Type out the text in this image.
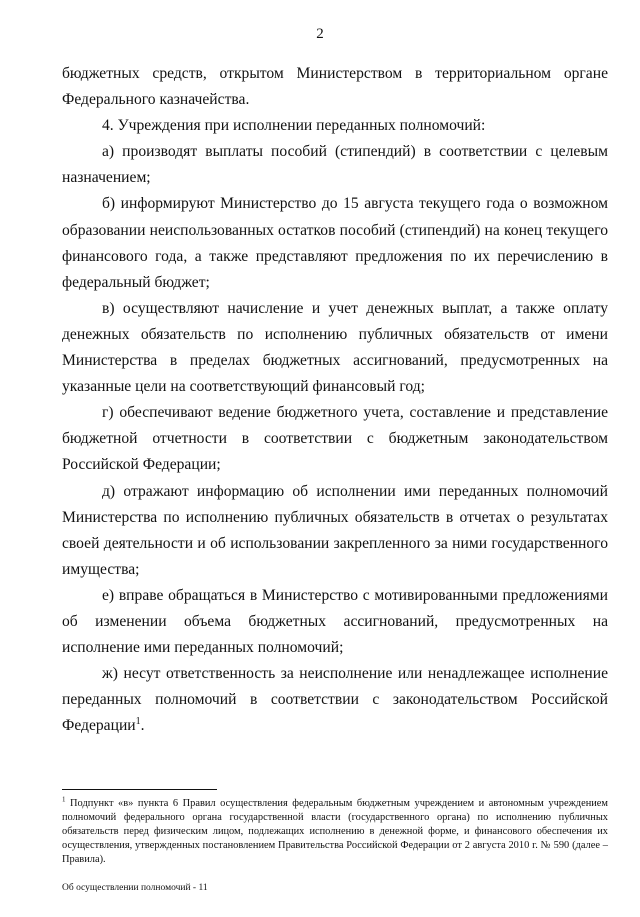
2

бюджетных средств, открытом Министерством в территориальном органе Федерального казначейства.

4. Учреждения при исполнении переданных полномочий:

а) производят выплаты пособий (стипендий) в соответствии с целевым назначением;

б) информируют Министерство до 15 августа текущего года о возможном образовании неиспользованных остатков пособий (стипендий) на конец текущего финансового года, а также представляют предложения по их перечислению в федеральный бюджет;

в) осуществляют начисление и учет денежных выплат, а также оплату денежных обязательств по исполнению публичных обязательств от имени Министерства в пределах бюджетных ассигнований, предусмотренных на указанные цели на соответствующий финансовый год;

г) обеспечивают ведение бюджетного учета, составление и представление бюджетной отчетности в соответствии с бюджетным законодательством Российской Федерации;

д) отражают информацию об исполнении ими переданных полномочий Министерства по исполнению публичных обязательств в отчетах о результатах своей деятельности и об использовании закрепленного за ними государственного имущества;

е) вправе обращаться в Министерство с мотивированными предложениями об изменении объема бюджетных ассигнований, предусмотренных на исполнение ими переданных полномочий;

ж) несут ответственность за неисполнение или ненадлежащее исполнение переданных полномочий в соответствии с законодательством Российской Федерации$^1$.

$^1$ Подпункт «в» пункта 6 Правил осуществления федеральным бюджетным учреждением и автономным учреждением полномочий федерального органа государственной власти (государственного органа) по исполнению публичных обязательств перед физическим лицом, подлежащих исполнению в денежной форме, и финансового обеспечения их осуществления, утвержденных постановлением Правительства Российской Федерации от 2 августа 2010 г. № 590 (далее – Правила).
Об осуществлении полномочий - 11
